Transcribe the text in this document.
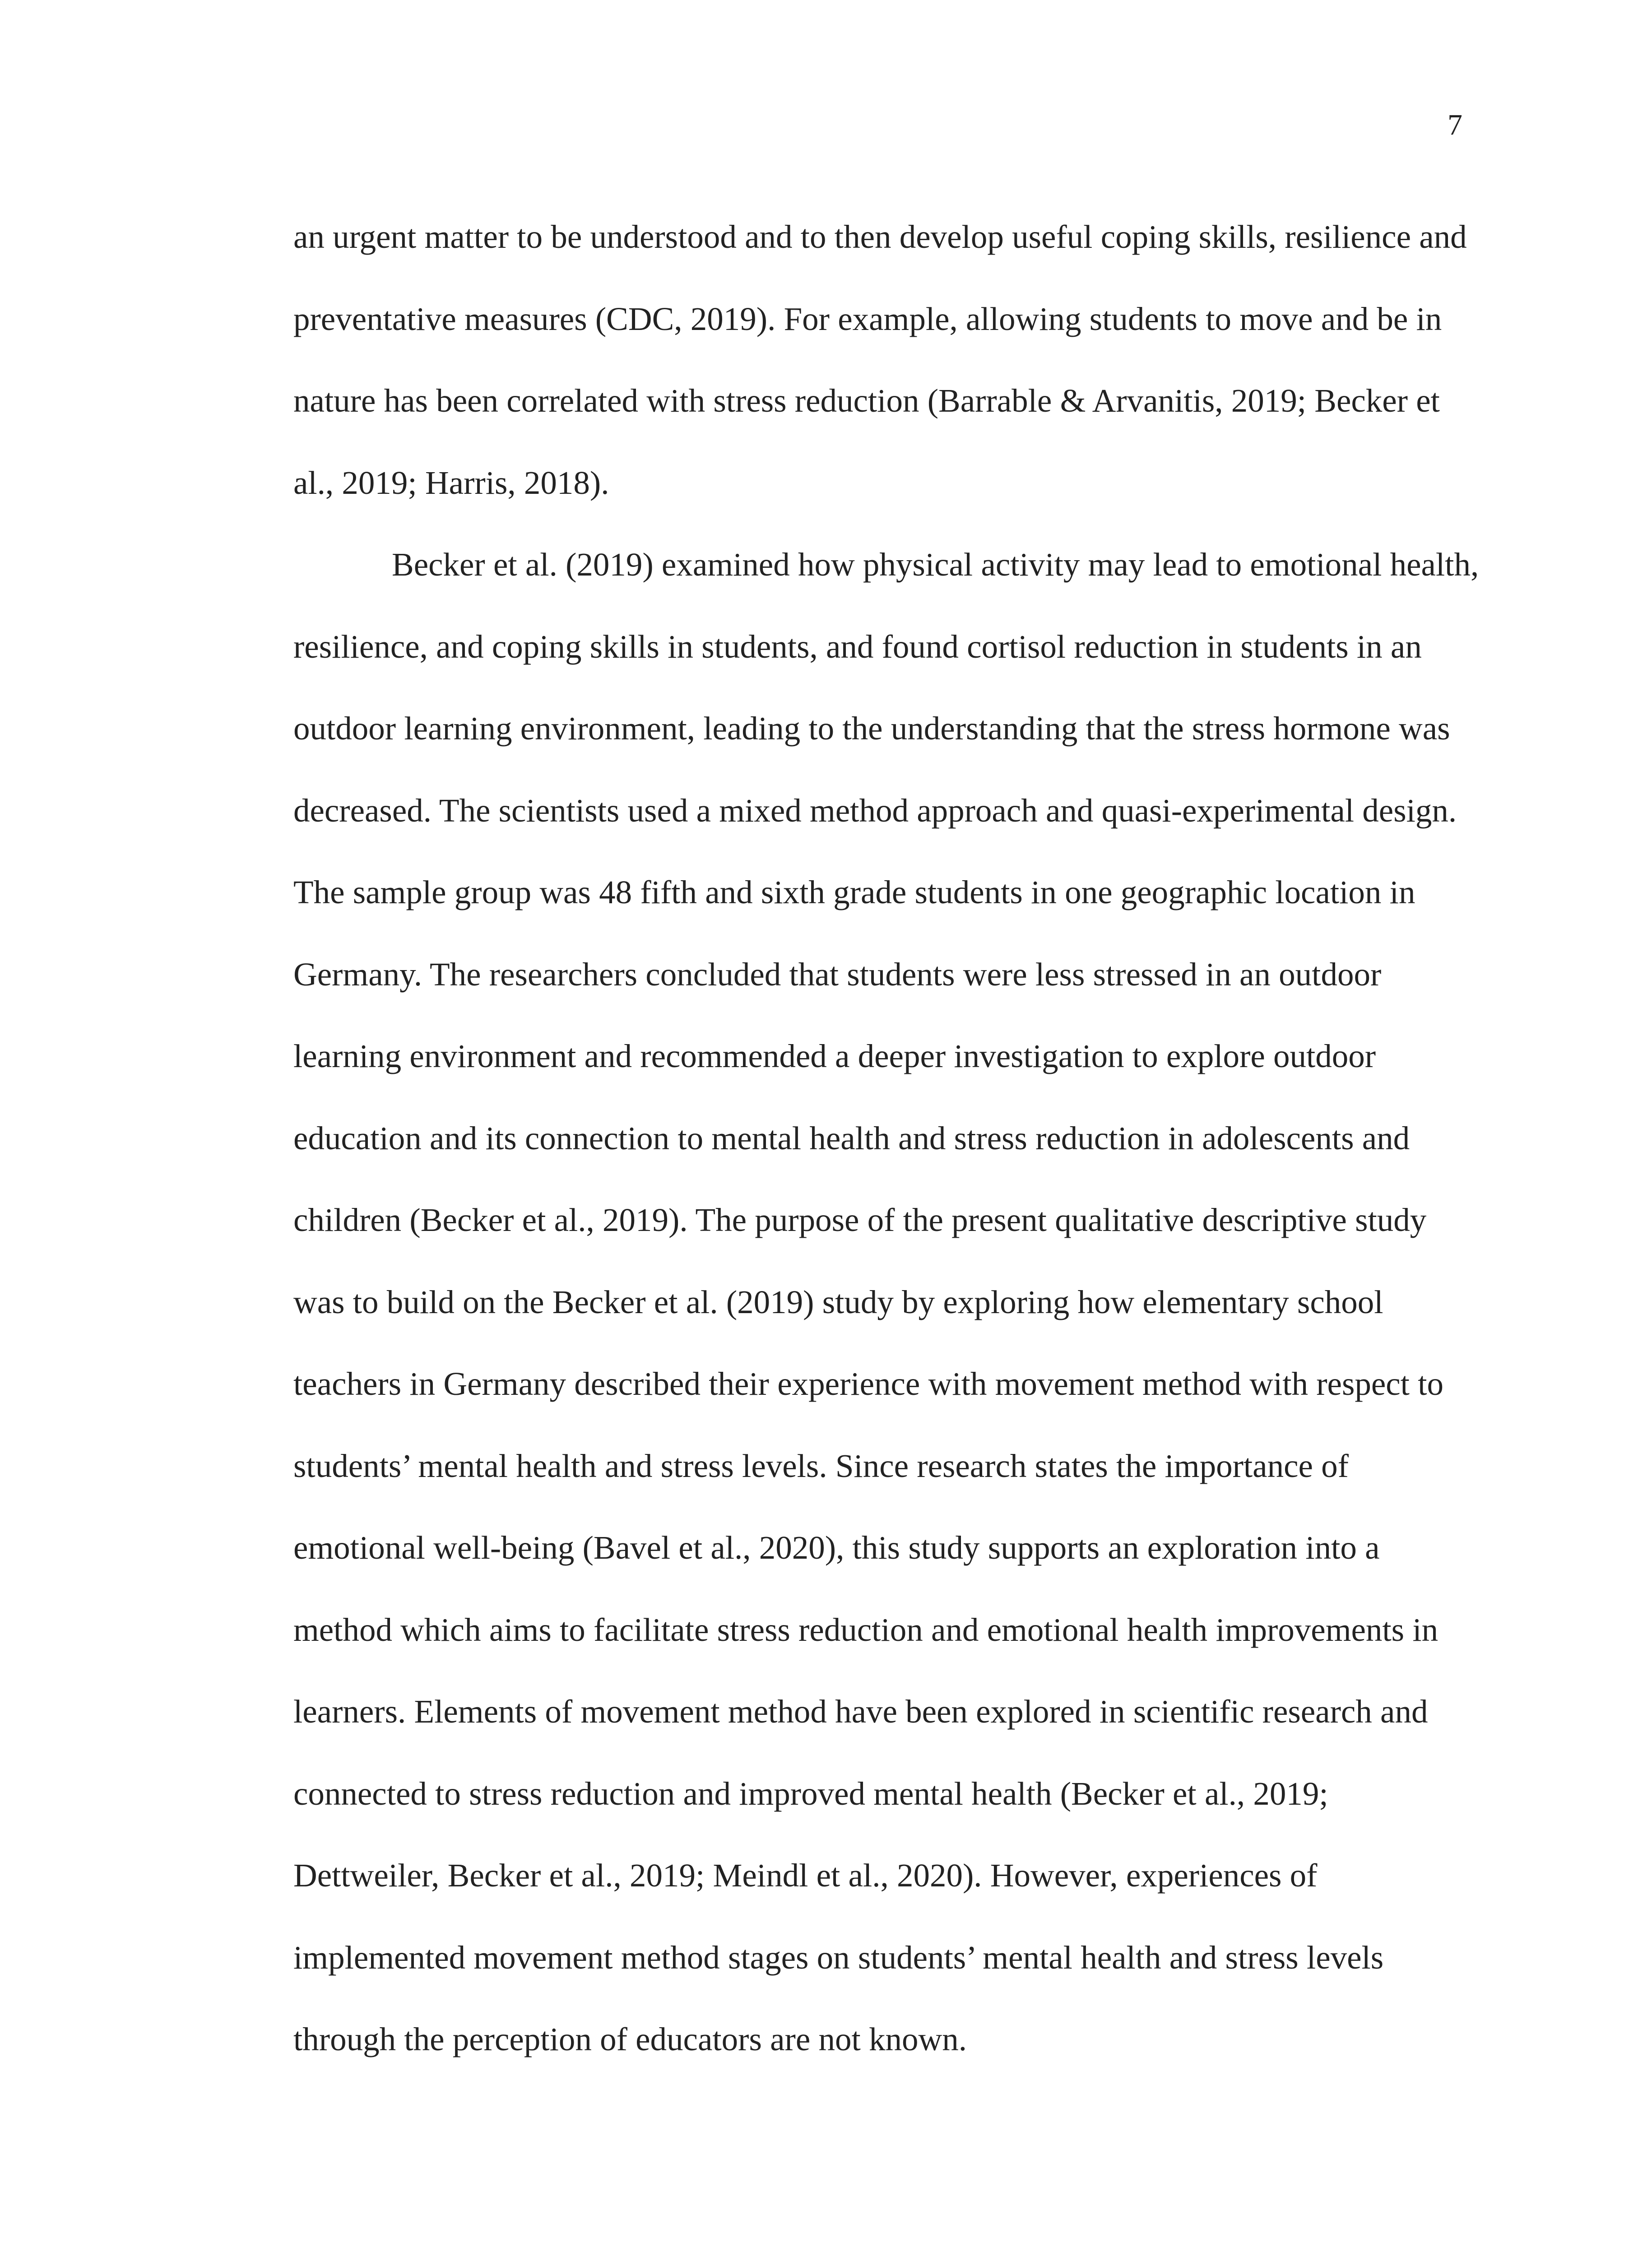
7
an urgent matter to be understood and to then develop useful coping skills, resilience and
preventative measures (CDC, 2019). For example, allowing students to move and be in
nature has been correlated with stress reduction (Barrable & Arvanitis, 2019; Becker et
al., 2019; Harris, 2018).
Becker et al. (2019) examined how physical activity may lead to emotional health,
resilience, and coping skills in students, and found cortisol reduction in students in an
outdoor learning environment, leading to the understanding that the stress hormone was
decreased. The scientists used a mixed method approach and quasi-experimental design.
The sample group was 48 fifth and sixth grade students in one geographic location in
Germany. The researchers concluded that students were less stressed in an outdoor
learning environment and recommended a deeper investigation to explore outdoor
education and its connection to mental health and stress reduction in adolescents and
children (Becker et al., 2019). The purpose of the present qualitative descriptive study
was to build on the Becker et al. (2019) study by exploring how elementary school
teachers in Germany described their experience with movement method with respect to
students’ mental health and stress levels. Since research states the importance of
emotional well-being (Bavel et al., 2020), this study supports an exploration into a
method which aims to facilitate stress reduction and emotional health improvements in
learners. Elements of movement method have been explored in scientific research and
connected to stress reduction and improved mental health (Becker et al., 2019;
Dettweiler, Becker et al., 2019; Meindl et al., 2020). However, experiences of
implemented movement method stages on students’ mental health and stress levels
through the perception of educators are not known.
